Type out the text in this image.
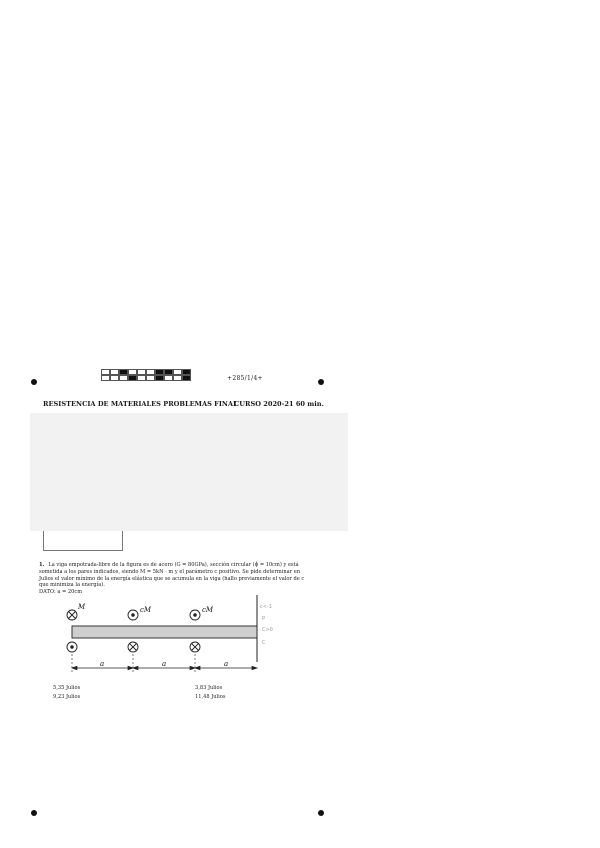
+285/1/4+
RESISTENCIA DE MATERIALES PROBLEMAS FINAL
CURSO 2020-21 60 min.
1. La viga empotrada-libre de la figura es de acero (G = 80GPa), sección circular (ϕ = 10cm) y está sometida a los pares indicados, siendo M = 5kN · m y el parámetro c positivo. Se pide determinar en Julios el valor mínimo de la energía elástica que se acumula en la viga (hallo previamente el valor de c que minimiza la energía).
DATO: a = 20cm
M	cM	cM
a	a	a
c<-1
P
C>0
C
5,35 Julios	3,83 Julios
9,23 Julios	11,48 Julios
